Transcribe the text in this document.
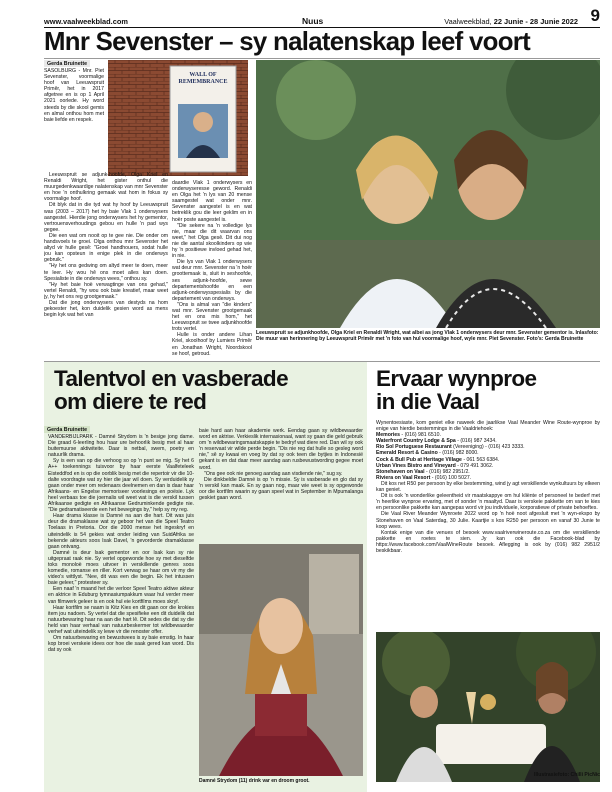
www.vaalweekblad.com	Nuus	Vaalweekblad, 22 Junie - 28 Junie 2022 9
Mnr Sevenster – sy nalatenskap leef voort
Gerda Bruinette

SASOLBURG - Mnr. Piet Sevenster, voormalige hoof van Leeuwspruit Primêr, het in 2017 afgetree en is op 1 April 2021 oorlede. Hy word steeds by die skool gemis en almal onthou hom met baie liefde en respek.

WALL OF REMEMBRANCE

Leeuwspruit se adjunk-hoofde, Olga Kriel en Renaldi Wright, het gister onthul die muurgedenkwaardige nalatenskap van mnr Sevenster en hoe 'n onthulkring gemaak wat hom in fokus sy voormalige hoof.

Dit blyk dat in die tyd wat hy hoof by Leeuwspruit was (2003 – 2017) het hy baie Vlak 1 onderwysers aangestel. Hierdie jong onderwysers het hy gementor, vertrouensverhoudings gebou en hulle 'n pad wys gegee.

Die een wat om nooit op te gee nie. Die onder om handsvoels te groei. Olga onthou mnr Sevenster het altyd vir hulle gesê: "Groei handhouers, sodat hulle jou kan opsteun in enige plek in die onderwys gebruik."

"Hy het ons gedwing om altyd meer te doen, meer te leer. Hy wou hê ons moet alles kan doen. Spesialiste in die onderwys wees," onthou sy.

"Hy het baie hoë verwagtinge van ons gehad," vertel Renaldi, "hy wou ook baie kreatief, maar weet jy, hy het ons reg grootgemaak."

Dat die jong onderwysers van destyds na hom gekoester het, kon duidelik gesien word as mens begin kyk wat het van

daardie Vlak 1 onderwysers en onderwyseresse geword. Renaldi en Olga het 'n lys van 20 mense saamgestel wat onder mnr. Sevenster aangestel is en wat betreklik gou die leer geklim en in hoër poste aangestel is.

"Die sekere na 'n volledige lys nie, maar die dit waarvan ons weet," het Olga gesê. Dit dui nog nie die aantal skoolkinders op wie hy 'n positiewe invloed gehad het, in nie.

Die lys van Vlak 1 onderwysers wat deur mnr. Sevenster na 'n hoër groottemaak is, sluit in seshoofde, ses adjunk-hoofde, sewe departementshoofde en een adjunk-onderwysspesialis by die departement van onderwys.

"Ons is almal van "die kinders" wat mnr. Sevenster grootgemaak het en ons mis hom," het Leeuwspruit se twee adjunkhoofde trots vertel.

Hulle is onder andere Lihan Kriel, skoolhoof by Lumiers Primêr en Jonathan Wright, Noordskool se hoof, getroud.

Leeuwspruit se adjunkhoofde, Olga Kriel en Renaldi Wright, wat albei as jong Vlak 1 onderwysers deur mnr. Sevenster gementor is. Inlasfoto: Die muur van herinnering by Leeuwspruit Primêr met 'n foto van hul voormalige hoof, wyle mnr. Piet Sevenster. Foto's: Gerda Bruinette
Talentvol en vasberade
om diere te red
Gerda Bruinette

VANDERBIJLPARK - Damné Strydom is 'n besige jong dame. Die graad 6-leerling hou haar ure behoorlik besig met al haar buitemuurse aktiwiteite. Daar is netbal, swem, poetry en natuurlik drama.

Sy is een van op die verhoog so op 'n punt se mig. Sy het 6 A++ toekennings tuisvoor by haar eerste Vaalfeteleek Eisteddfod en is op die oorblik besig met die repertoir vir die 10-dalte voordragte wat sy hier die jaar wil doen. Sy verduidelik sy gaan onder meer om redenaars deelnemen en dan is daar haar Afrikaans- en Engelse memoriseer voorlesings en poësie. Lyk heel verbaas toe die joernalis wil weet wat is die verskil tussen Afrikaanse gedigte en Afrikaanse Gedruminkende gedigte nie. "Die gedramatiseerde een het bewegings by," help sy my reg.

Haar drama klasse is Damné na aan die hart. Dit was juis deur die dramaklasse wat sy geboor het van die Speel Teatro Toelaas in Pretoria. Oor die 2000 mense het ingeskryf en uiteindelik is 54 gekies wat onder leiding van SuidAfrika se bekende akteurs soos Isak Davel, 'n gevorderde dramaklasse gaan ontvang.

Damné is deur Isak gementor en oor Isak kan sy nie uitgepraat raak nie. Sy vertel opgewonde hoe sy met dieselfde toks monoloë moes uitvoer in verskillende genres soos komedie, romanse en riller. Kort verwag se haar om vir my die video's wittlyst. "Nee, dit was een die begin. Ek het intussen baie geleer," protesteer sy.

Een naaf 'n maand het die verloor Speel Teatro aktiwe akteur en aktrice in Eduburg tymnasiumpakkum waar hul verder meer van filmwerk geleer is en ook hul eie kortfilms moes skryf.

Haar kortfilm se naam is Kitz Kies en dit gaan oor die krokies item jou nadoen. Sy vertel dat die spesifieke een dit duidelik dat natuurbewaring haar na aan die hart lê. Dit sedes die dat sy die held van haar verhaal van natuurbeskermer tot wildbewaarder verhef wat uiteindelik sy lewe vir die renoster offer.

Om natuurbewaring en bewustwees is sy baie ernstig. In haar kop broei verskeie idees oor hoe die saak gered kan word. Dis dat sy ook

baie hard aan haar akademie werk. Eendag gaan sy wildbewaarder word en aktrise. Verkieslik internasionaal, want sy gaan die geld gebruik om 'n wildbewaringsmaatskappie te bedryf wat diere red. Dan wil sy ook 'n reservaat vir wilde perde begin. "Dis nie reg dat hulle so gesleg word nie," sê sy kwaai en voeg by dat sy ook teen die bytjies in Indonesië gekant is en dat daar meer aandag aan rusbewustwording gegee moet word.

"Ons gee ook nie genoeg aandag aan visdiende nie," sug sy.

Die dinkbeldie Damné is op 'n missie. Sy is vasberade en glo dat sy 'n verskil kan maak. En sy gaan nog, maar wie weet is sy opgewonde oor die kortfilm waarin sy gaan speel wat in September in Mpumalanga geskiet gaan word.

Damné Strydom (11) drink var en droom groot.
Ervaar wynproe
in die Vaal

Wynentoesiaste, kom geniet elke naweek die jaarlikse Vaal Meander Wine Route-wynproe by enige van hierdie bestemmings in die Vaaldriehoek:

Memories - (016) 981 6510.

Waterfront Country Lodge & Spa - (016) 987 3434.

Rio Sol Portuguese Restaurant (Vereeniging) - (016) 423 3333.

Emerald Resort & Casino - (016) 982 8000.

Cock & Bull Pub at Heritage Village - 061 563 6384.

Urban Vines Bistro and Vineyard - 079 491 3062.

Stonehaven on Vaal - (016) 982 2951/2.

Riviera on Vaal Resort - (016) 100 5027.

Dit kos net R50 per persoon by elke bestemming, wind jy agt verskillende wynkultuurs by elkeen kan geniet.

Dit is ook 'n wonderlike geleentheid vir maatskappye om hul kliënte of personeel te bederf met 'n heerlike wynproe ervaring, met of sonder 'n maaltyd. Daar is verskeie pakkette om van te kies en persoonlike pakkette kan aangepas word vir jou individuele, korporatiewe of private behoeftes.

Die Vaal River Meander Wynroete 2022 word op 'n hoë noot afgesluit met 'n wyn-ekspo by Stonehaven on Vaal Saterdag, 30 Julie. Kaartjie s kos R250 per persoon en vanaf 30 Junie te koop wees.

Kontak enige van die venues of besoek www.vaalriverwineroute.co.za om die verskillende pakkette en roetes te sien. Jy kan ook die Facebook-blad by https://www.facebook.com/VaalWineRoute besoek. Aflegging is ook by (016) 982 2951/2 beskikbaar.

Illustrasiefoto: Chilli PicNic
